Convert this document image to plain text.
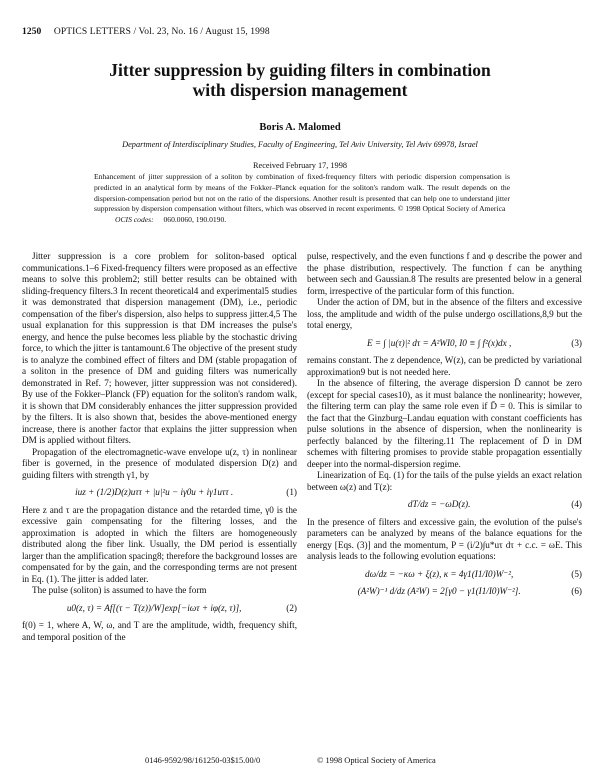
1250 OPTICS LETTERS / Vol. 23, No. 16 / August 15, 1998
Jitter suppression by guiding filters in combination
with dispersion management
Boris A. Malomed
Department of Interdisciplinary Studies, Faculty of Engineering, Tel Aviv University, Tel Aviv 69978, Israel
Received February 17, 1998
Enhancement of jitter suppression of a soliton by combination of fixed-frequency filters with periodic dispersion compensation is predicted in an analytical form by means of the Fokker–Planck equation for the soliton's random walk. The result depends on the dispersion-compensation period but not on the ratio of the dispersions. Another result is presented that can help one to understand jitter suppression by dispersion compensation without filters, which was observed in recent experiments. © 1998 Optical Society of America
OCIS codes: 060.0060, 190.0190.

Jitter suppression is a core problem for soliton-based optical communications.1–6 Fixed-frequency filters were proposed as an effective means to solve this problem2; still better results can be obtained with sliding-frequency filters.3 In recent theoretical4 and experimental5 studies it was demonstrated that dispersion management (DM), i.e., periodic compensation of the fiber's dispersion, also helps to suppress jitter.4,5 The usual explanation for this suppression is that DM increases the pulse's energy, and hence the pulse becomes less pliable by the stochastic driving force, to which the jitter is tantamount.6 The objective of the present study is to analyze the combined effect of filters and DM (stable propagation of a soliton in the presence of DM and guiding filters was numerically demonstrated in Ref. 7; however, jitter suppression was not considered). By use of the Fokker–Planck (FP) equation for the soliton's random walk, it is shown that DM considerably enhances the jitter suppression provided by the filters. It is also shown that, besides the above-mentioned energy increase, there is another factor that explains the jitter suppression when DM is applied without filters.

Propagation of the electromagnetic-wave envelope u(z, τ) in nonlinear fiber is governed, in the presence of modulated dispersion D(z) and guiding filters with strength γ1, by

iuz + (1/2)D(z)uττ + |u|²u − iγ0u + iγ1uττ .	(1)

Here z and τ are the propagation distance and the retarded time, γ0 is the excessive gain compensating for the filtering losses, and the approximation is adopted in which the filters are homogeneously distributed along the fiber link. Usually, the DM period is essentially larger than the amplification spacing8; therefore the background losses are compensated for by the gain, and the corresponding terms are not present in Eq. (1). The jitter is added later.

The pulse (soliton) is assumed to have the form

u0(z, τ) = Af[(τ − T(z))/W]exp[−iωτ + iφ(z, τ)],	(2)

f(0) = 1, where A, W, ω, and T are the amplitude, width, frequency shift, and temporal position of the

pulse, respectively, and the even functions f and φ describe the power and the phase distribution, respectively. The function f can be anything between sech and Gaussian.8 The results are presented below in a general form, irrespective of the particular form of this function.

Under the action of DM, but in the absence of the filters and excessive loss, the amplitude and width of the pulse undergo oscillations,8,9 but the total energy,

E = ∫ |u(τ)|² dτ = A²WI0, I0 ≡ ∫ f²(x)dx ,	(3)

remains constant. The z dependence, W(z), can be predicted by variational approximation9 but is not needed here.

In the absence of filtering, the average dispersion D̄ cannot be zero (except for special cases10), as it must balance the nonlinearity; however, the filtering term can play the same role even if D̄ = 0. This is similar to the fact that the Ginzburg–Landau equation with constant coefficients has pulse solutions in the absence of dispersion, when the nonlinearity is perfectly balanced by the filtering.11 The replacement of D̄ in DM schemes with filtering promises to provide stable propagation essentially deeper into the normal-dispersion regime.

Linearization of Eq. (1) for the tails of the pulse yields an exact relation between ω(z) and T(z):

dT/dz = −ωD(z).	(4)

In the presence of filters and excessive gain, the evolution of the pulse's parameters can be analyzed by means of the balance equations for the energy [Eqs. (3)] and the momentum, P = (i/2)∫u*uτ dτ + c.c. = ωE. This analysis leads to the following evolution equations:

dω/dz = −κω + ξ(z), κ = 4γ1(I1/I0)W⁻²,	(5)
(A²W)⁻¹ d/dz (A²W) = 2[γ0 − γ1(I1/I0)W⁻²].	(6)
0146-9592/98/161250-03$15.00/0	© 1998 Optical Society of America
